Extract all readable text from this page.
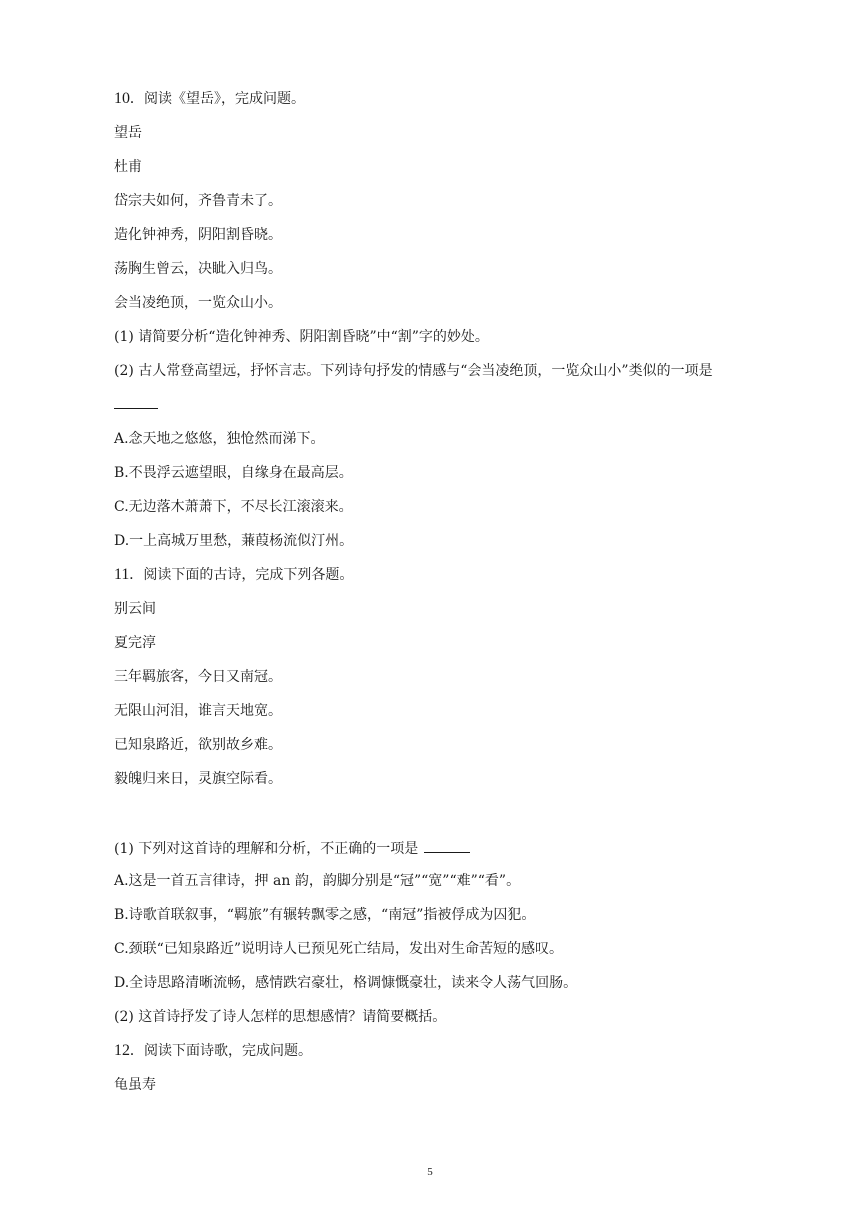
10. 阅读《望岳》，完成问题。
望岳
杜甫
岱宗夫如何，齐鲁青未了。
造化钟神秀，阴阳割昏晓。
荡胸生曾云，决眦入归鸟。
会当凌绝顶，一览众山小。
(1) 请简要分析“造化钟神秀、阴阳割昏晓”中“割”字的妙处。
(2) 古人常登高望远，抒怀言志。下列诗句抒发的情感与“会当凌绝顶，一览众山小”类似的一项是
A.念天地之悠悠，独怆然而涕下。
B.不畏浮云遮望眼，自缘身在最高层。
C.无边落木萧萧下，不尽长江滚滚来。
D.一上高城万里愁，蒹葭杨流似汀州。
11. 阅读下面的古诗，完成下列各题。
别云间
夏完淳
三年羁旅客，今日又南冠。
无限山河泪，谁言天地宽。
已知泉路近，欲别故乡难。
毅魄归来日，灵旗空际看。
(1) 下列对这首诗的理解和分析，不正确的一项是
A.这是一首五言律诗，押 an 韵，韵脚分别是“冠”“宽”“难”“看”。
B.诗歌首联叙事，“羁旅”有辗转飘零之感，“南冠”指被俘成为囚犯。
C.颈联“已知泉路近”说明诗人已预见死亡结局，发出对生命苦短的感叹。
D.全诗思路清晰流畅，感情跌宕豪壮，格调慷慨豪壮，读来令人荡气回肠。
(2) 这首诗抒发了诗人怎样的思想感情？请简要概括。
12. 阅读下面诗歌，完成问题。
龟虽寿
5
